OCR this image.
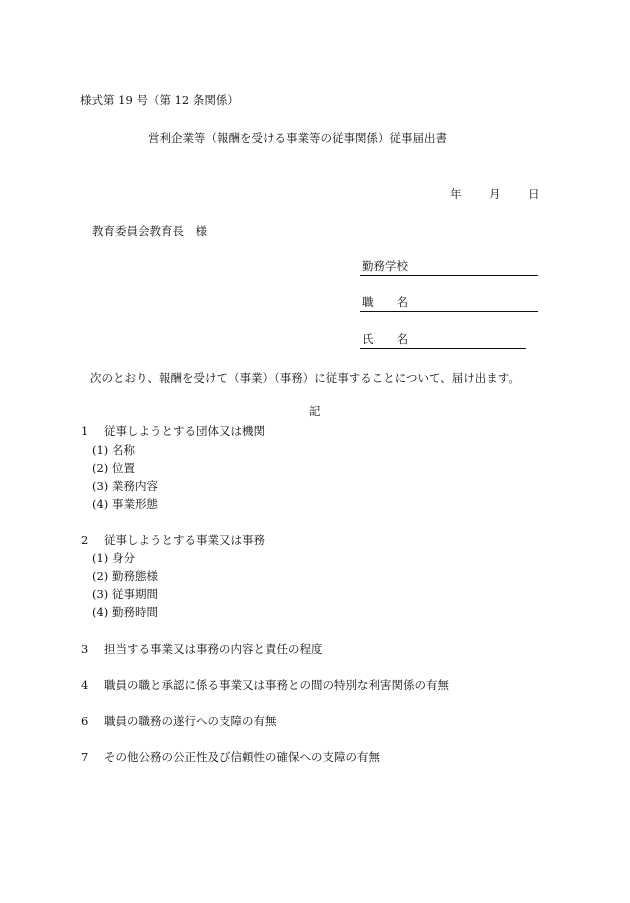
様式第 19 号（第 12 条関係）
営利企業等（報酬を受ける事業等の従事関係）従事届出書
年 月 日
教育委員会教育長　様
勤務学校
職　　名
氏　　名
次のとおり、報酬を受けて（事業）（事務）に従事することについて、届け出ます。
記
1 従事しようとする団体又は機関
(1) 名称
(2) 位置
(3) 業務内容
(4) 事業形態
2 従事しようとする事業又は事務
(1) 身分
(2) 勤務態様
(3) 従事期間
(4) 勤務時間
3 担当する事業又は事務の内容と責任の程度
4 職員の職と承認に係る事業又は事務との間の特別な利害関係の有無
6 職員の職務の遂行への支障の有無
7 その他公務の公正性及び信頼性の確保への支障の有無
